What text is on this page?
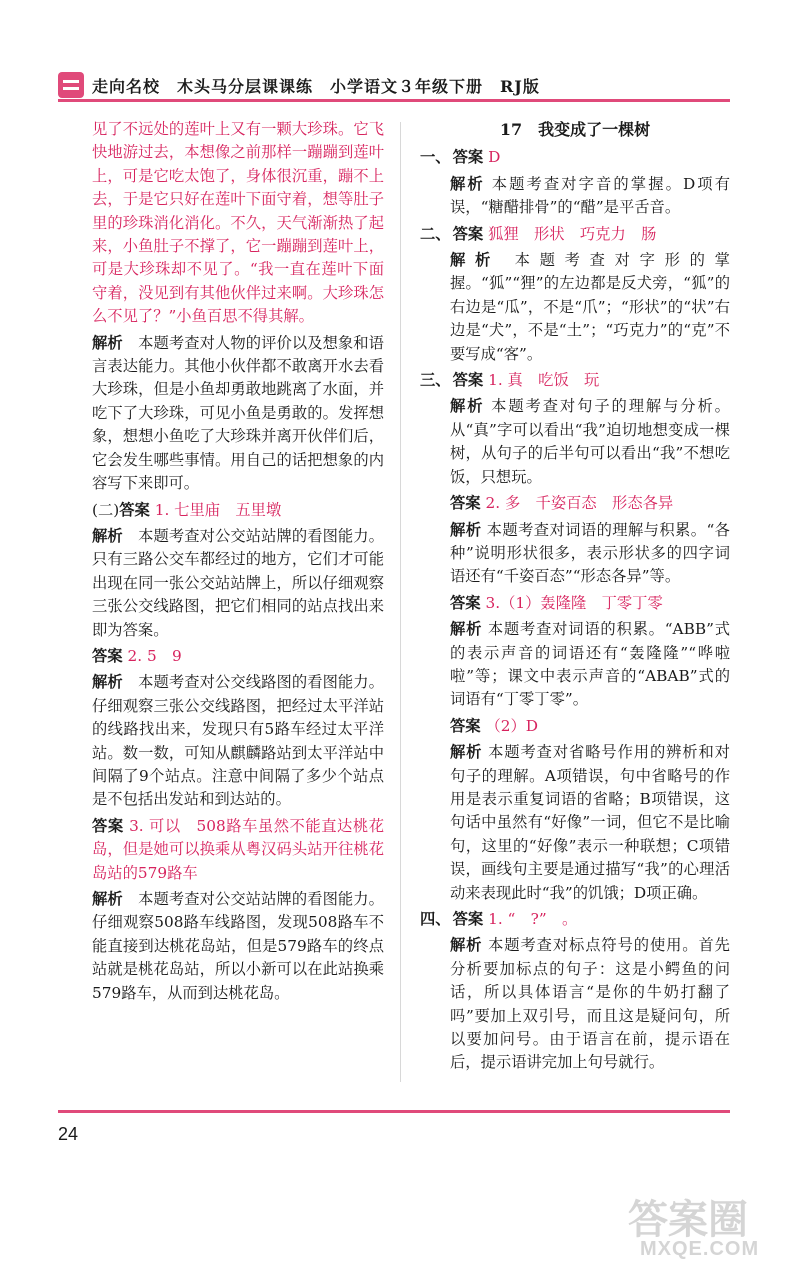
走向名校　木头马分层课课练　小学语文３年级下册　RJ版

见了不远处的莲叶上又有一颗大珍珠。它飞快地游过去，本想像之前那样一蹦蹦到莲叶上，可是它吃太饱了，身体很沉重，蹦不上去，于是它只好在莲叶下面守着，想等肚子里的珍珠消化消化。不久，天气渐渐热了起来，小鱼肚子不撑了，它一蹦蹦到莲叶上，可是大珍珠却不见了。“我一直在莲叶下面守着，没见到有其他伙伴过来啊。大珍珠怎么不见了？”小鱼百思不得其解。

解析　 本题考查对人物的评价以及想象和语言表达能力。其他小伙伴都不敢离开水去看大珍珠，但是小鱼却勇敢地跳离了水面，并吃下了大珍珠，可见小鱼是勇敢的。发挥想象，想想小鱼吃了大珍珠并离开伙伴们后，它会发生哪些事情。用自己的话把想象的内容写下来即可。

(二)答案 1. 七里庙　五里墩

解析　 本题考查对公交站站牌的看图能力。只有三路公交车都经过的地方，它们才可能出现在同一张公交站站牌上，所以仔细观察三张公交线路图，把它们相同的站点找出来即为答案。

答案 2. 5　9

解析　 本题考查对公交线路图的看图能力。仔细观察三张公交线路图，把经过太平洋站的线路找出来，发现只有5路车经过太平洋站。数一数，可知从麒麟路站到太平洋站中间隔了9个站点。注意中间隔了多少个站点是不包括出发站和到达站的。

答案 3. 可以　508路车虽然不能直达桃花岛，但是她可以换乘从粤汉码头站开往桃花岛站的579路车

解析　 本题考查对公交站站牌的看图能力。仔细观察508路车线路图，发现508路车不能直接到达桃花岛站，但是579路车的终点站就是桃花岛站，所以小新可以在此站换乘579路车，从而到达桃花岛。

17　我变成了一棵树

一、 答案 D

解析 本题考查对字音的掌握。D项有误，“糖醋排骨”的“醋”是平舌音。

二、 答案 狐狸　形状　巧克力　肠

解析 本题考查对字形的掌握。“狐”“狸”的左边都是反犬旁，“狐”的右边是“瓜”，不是“爪”；“形状”的“状”右边是“犬”，不是“土”；“巧克力”的“克”不要写成“客”。

三、 答案 1. 真　吃饭　玩

解析 本题考查对句子的理解与分析。从“真”字可以看出“我”迫切地想变成一棵树，从句子的后半句可以看出“我”不想吃饭，只想玩。

答案 2. 多　千姿百态　形态各异

解析 本题考查对词语的理解与积累。“各种”说明形状很多，表示形状多的四字词语还有“千姿百态”“形态各异”等。

答案 3.（1）轰隆隆　丁零丁零

解析 本题考查对词语的积累。“ABB”式的表示声音的词语还有“轰隆隆”“哗啦啦”等；课文中表示声音的“ABAB”式的词语有“丁零丁零”。

答案 （2）D

解析 本题考查对省略号作用的辨析和对句子的理解。A项错误，句中省略号的作用是表示重复词语的省略；B项错误，这句话中虽然有“好像”一词，但它不是比喻句，这里的“好像”表示一种联想；C项错误，画线句主要是通过描写“我”的心理活动来表现此时“我”的饥饿；D项正确。

四、 答案 1. “　?”　。

解析 本题考查对标点符号的使用。首先分析要加标点的句子：这是小鳄鱼的问话，所以具体语言“是你的牛奶打翻了吗”要加上双引号，而且这是疑问句，所以要加问号。由于语言在前，提示语在后，提示语讲完加上句号就行。

24
答案圈
MXQE.COM
